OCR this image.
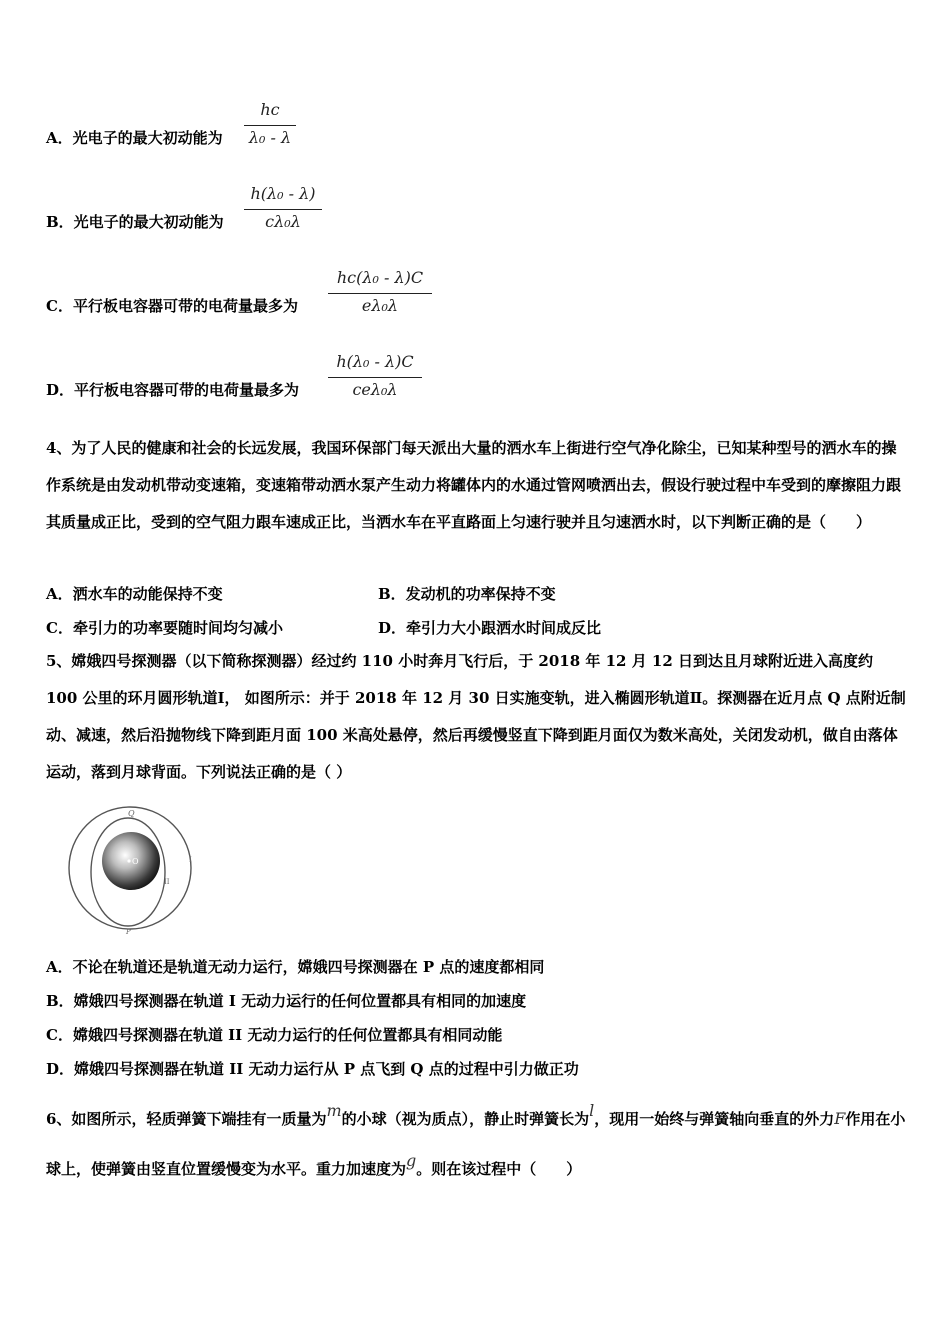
A．光电子的最大初动能为
hc
λ₀ - λ
B．光电子的最大初动能为
h(λ₀ - λ)
cλ₀λ
C．平行板电容器可带的电荷量最多为
hc(λ₀ - λ)C
eλ₀λ
D．平行板电容器可带的电荷量最多为
h(λ₀ - λ)C
ceλ₀λ
4、为了人民的健康和社会的长远发展，我国环保部门每天派出大量的洒水车上街进行空气净化除尘，已知某种型号的洒水车的操作系统是由发动机带动变速箱，变速箱带动洒水泵产生动力将罐体内的水通过管网喷洒出去，假设行驶过程中车受到的摩擦阻力跟其质量成正比，受到的空气阻力跟车速成正比，当洒水车在平直路面上匀速行驶并且匀速洒水时，以下判断正确的是（　　）
A．洒水车的动能保持不变	B．发动机的功率保持不变
C．牵引力的功率要随时间均匀减小	D．牵引力大小跟洒水时间成反比
5、嫦娥四号探测器（以下简称探测器）经过约 110 小时奔月飞行后，于 2018 年 12 月 12 日到达且月球附近进入高度约 100 公里的环月圆形轨道Ⅰ， 如图所示：并于 2018 年 12 月 30 日实施变轨，进入椭圆形轨道Ⅱ。探测器在近月点 Q 点附近制动、减速，然后沿抛物线下降到距月面 100 米高处悬停，然后再缓慢竖直下降到距月面仅为数米高处，关闭发动机，做自由落体运动，落到月球背面。下列说法正确的是（ ）
O
Q
I
II
P
A．不论在轨道还是轨道无动力运行，嫦娥四号探测器在 P 点的速度都相同
B．嫦娥四号探测器在轨道 I 无动力运行的任何位置都具有相同的加速度
C．嫦娥四号探测器在轨道 II 无动力运行的任何位置都具有相同动能
D．嫦娥四号探测器在轨道 II 无动力运行从 P 点飞到 Q 点的过程中引力做正功
6、如图所示，轻质弹簧下端挂有一质量为m的小球（视为质点），静止时弹簧长为l，现用一始终与弹簧轴向垂直的外力F作用在小球上，使弹簧由竖直位置缓慢变为水平。重力加速度为g。则在该过程中（　　）
